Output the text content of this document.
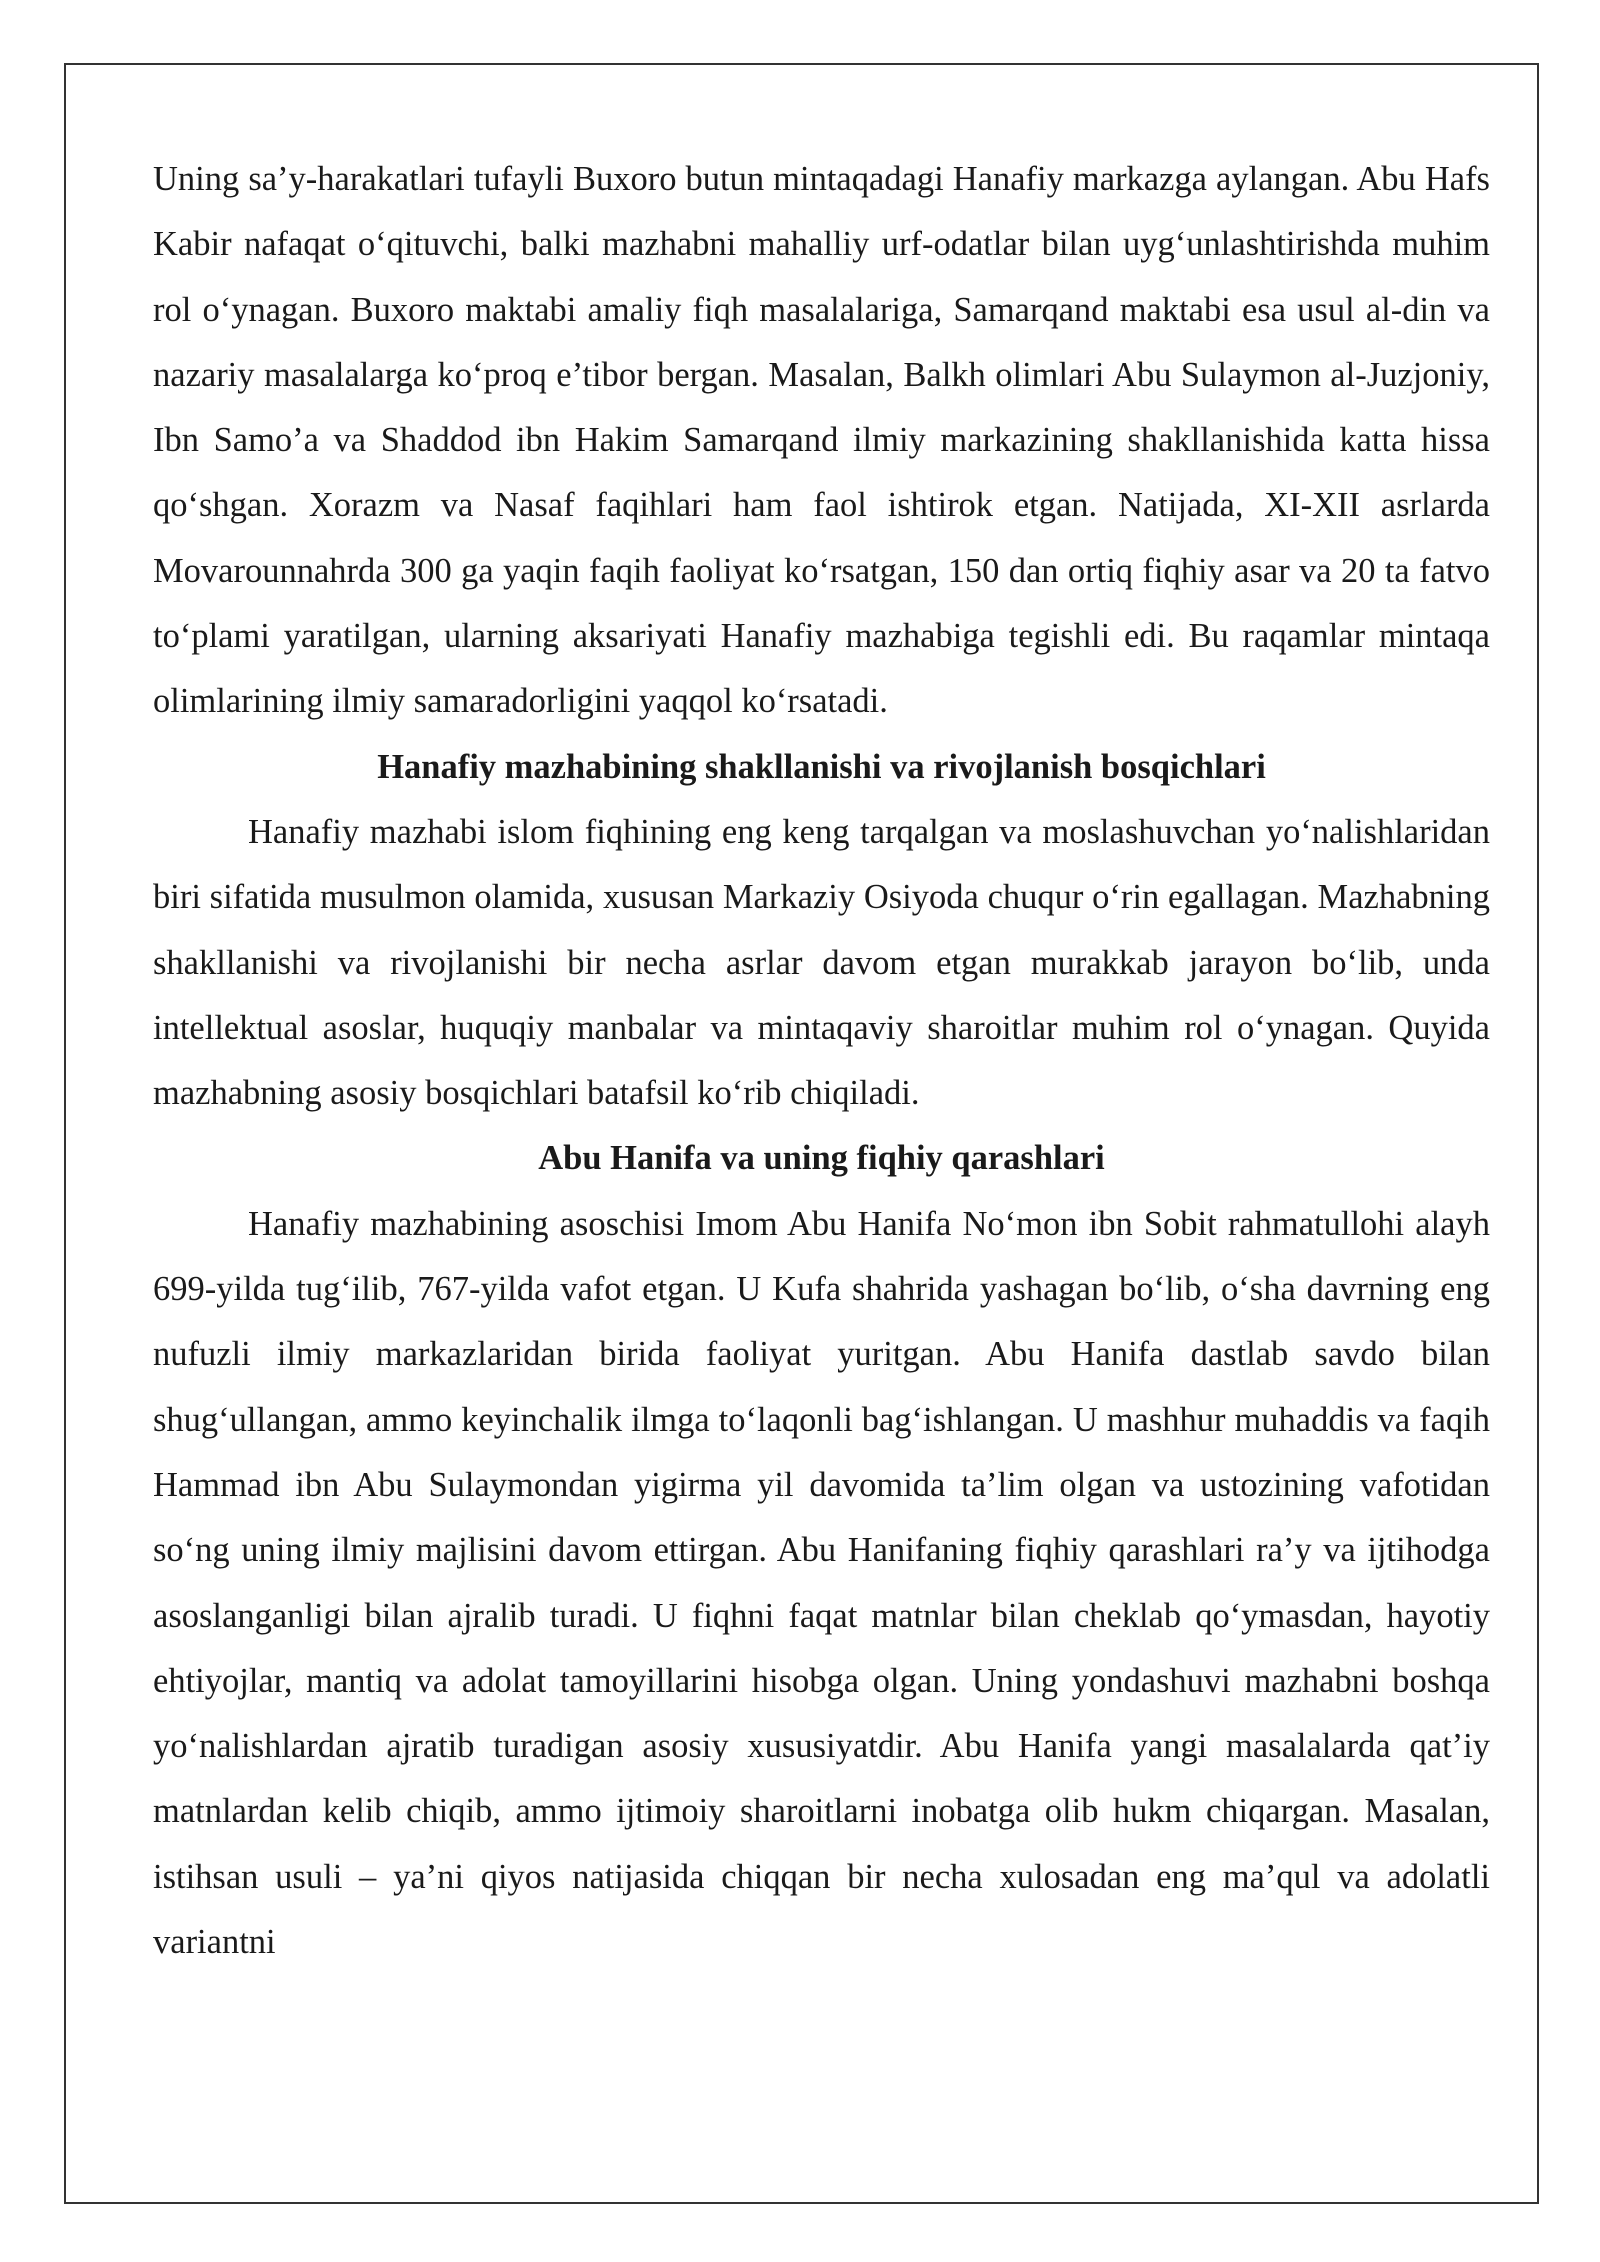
Uning sa’y-harakatlari tufayli Buxoro butun mintaqadagi Hanafiy markazga aylangan. Abu Hafs Kabir nafaqat o‘qituvchi, balki mazhabni mahalliy urf-odatlar bilan uyg‘unlashtirishda muhim rol o‘ynagan. Buxoro maktabi amaliy fiqh masalalariga, Samarqand maktabi esa usul al-din va nazariy masalalarga ko‘proq e’tibor bergan. Masalan, Balkh olimlari Abu Sulaymon al-Juzjoniy, Ibn Samo’a va Shaddod ibn Hakim Samarqand ilmiy markazining shakllanishida katta hissa qo‘shgan. Xorazm va Nasaf faqihlari ham faol ishtirok etgan. Natijada, XI-XII asrlarda Movarounnahrda 300 ga yaqin faqih faoliyat ko‘rsatgan, 150 dan ortiq fiqhiy asar va 20 ta fatvo to‘plami yaratilgan, ularning aksariyati Hanafiy mazhabiga tegishli edi. Bu raqamlar mintaqa olimlarining ilmiy samaradorligini yaqqol ko‘rsatadi.

Hanafiy mazhabining shakllanishi va rivojlanish bosqichlari

Hanafiy mazhabi islom fiqhining eng keng tarqalgan va moslashuvchan yo‘nalishlaridan biri sifatida musulmon olamida, xususan Markaziy Osiyoda chuqur o‘rin egallagan. Mazhabning shakllanishi va rivojlanishi bir necha asrlar davom etgan murakkab jarayon bo‘lib, unda intellektual asoslar, huquqiy manbalar va mintaqaviy sharoitlar muhim rol o‘ynagan. Quyida mazhabning asosiy bosqichlari batafsil ko‘rib chiqiladi.

Abu Hanifa va uning fiqhiy qarashlari

Hanafiy mazhabining asoschisi Imom Abu Hanifa No‘mon ibn Sobit rahmatullohi alayh 699-yilda tug‘ilib, 767-yilda vafot etgan. U Kufa shahrida yashagan bo‘lib, o‘sha davrning eng nufuzli ilmiy markazlaridan birida faoliyat yuritgan. Abu Hanifa dastlab savdo bilan shug‘ullangan, ammo keyinchalik ilmga to‘laqonli bag‘ishlangan. U mashhur muhaddis va faqih Hammad ibn Abu Sulaymondan yigirma yil davomida ta’lim olgan va ustozining vafotidan so‘ng uning ilmiy majlisini davom ettirgan. Abu Hanifaning fiqhiy qarashlari ra’y va ijtihodga asoslanganligi bilan ajralib turadi. U fiqhni faqat matnlar bilan cheklab qo‘ymasdan, hayotiy ehtiyojlar, mantiq va adolat tamoyillarini hisobga olgan. Uning yondashuvi mazhabni boshqa yo‘nalishlardan ajratib turadigan asosiy xususiyatdir. Abu Hanifa yangi masalalarda qat’iy matnlardan kelib chiqib, ammo ijtimoiy sharoitlarni inobatga olib hukm chiqargan. Masalan, istihsan usuli – ya’ni qiyos natijasida chiqqan bir necha xulosadan eng ma’qul va adolatli variantni
